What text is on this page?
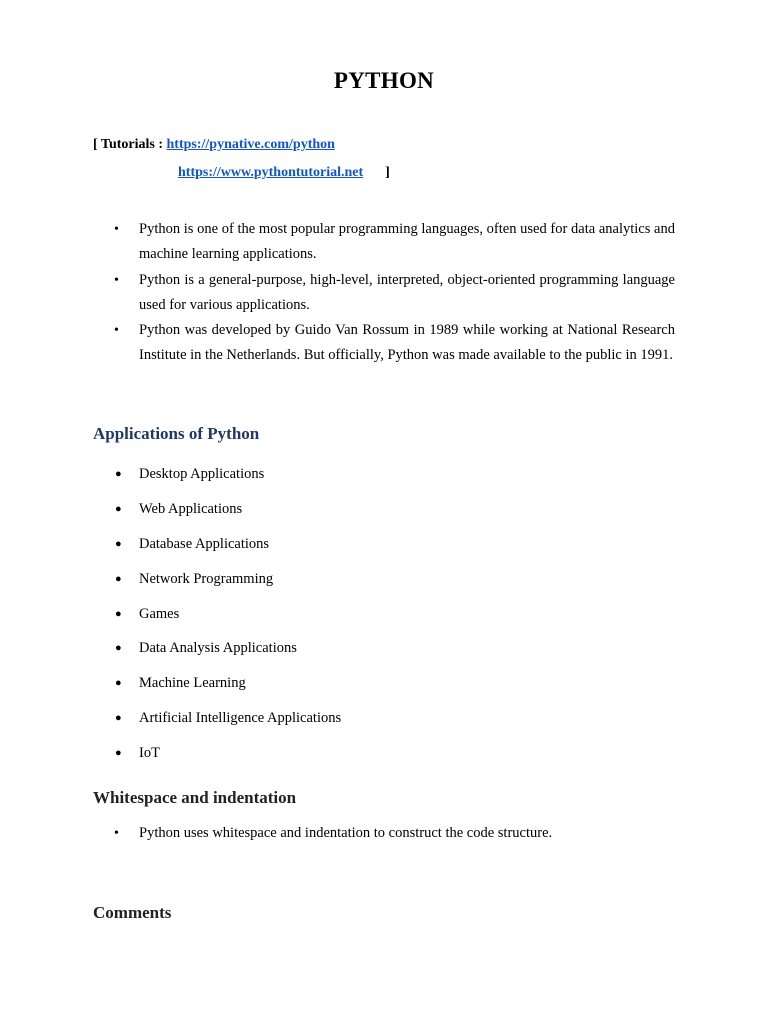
PYTHON
[ Tutorials : https://pynative.com/python
https://www.pythontutorial.net ]
• Python is one of the most popular programming languages, often used for data analytics and machine learning applications.
• Python is a general-purpose, high-level, interpreted, object-oriented programming language used for various applications.
• Python was developed by Guido Van Rossum in 1989 while working at National Research Institute in the Netherlands. But officially, Python was made available to the public in 1991.
Applications of Python
● Desktop Applications
● Web Applications
● Database Applications
● Network Programming
● Games
● Data Analysis Applications
● Machine Learning
● Artificial Intelligence Applications
● IoT
Whitespace and indentation
• Python uses whitespace and indentation to construct the code structure.
Comments
